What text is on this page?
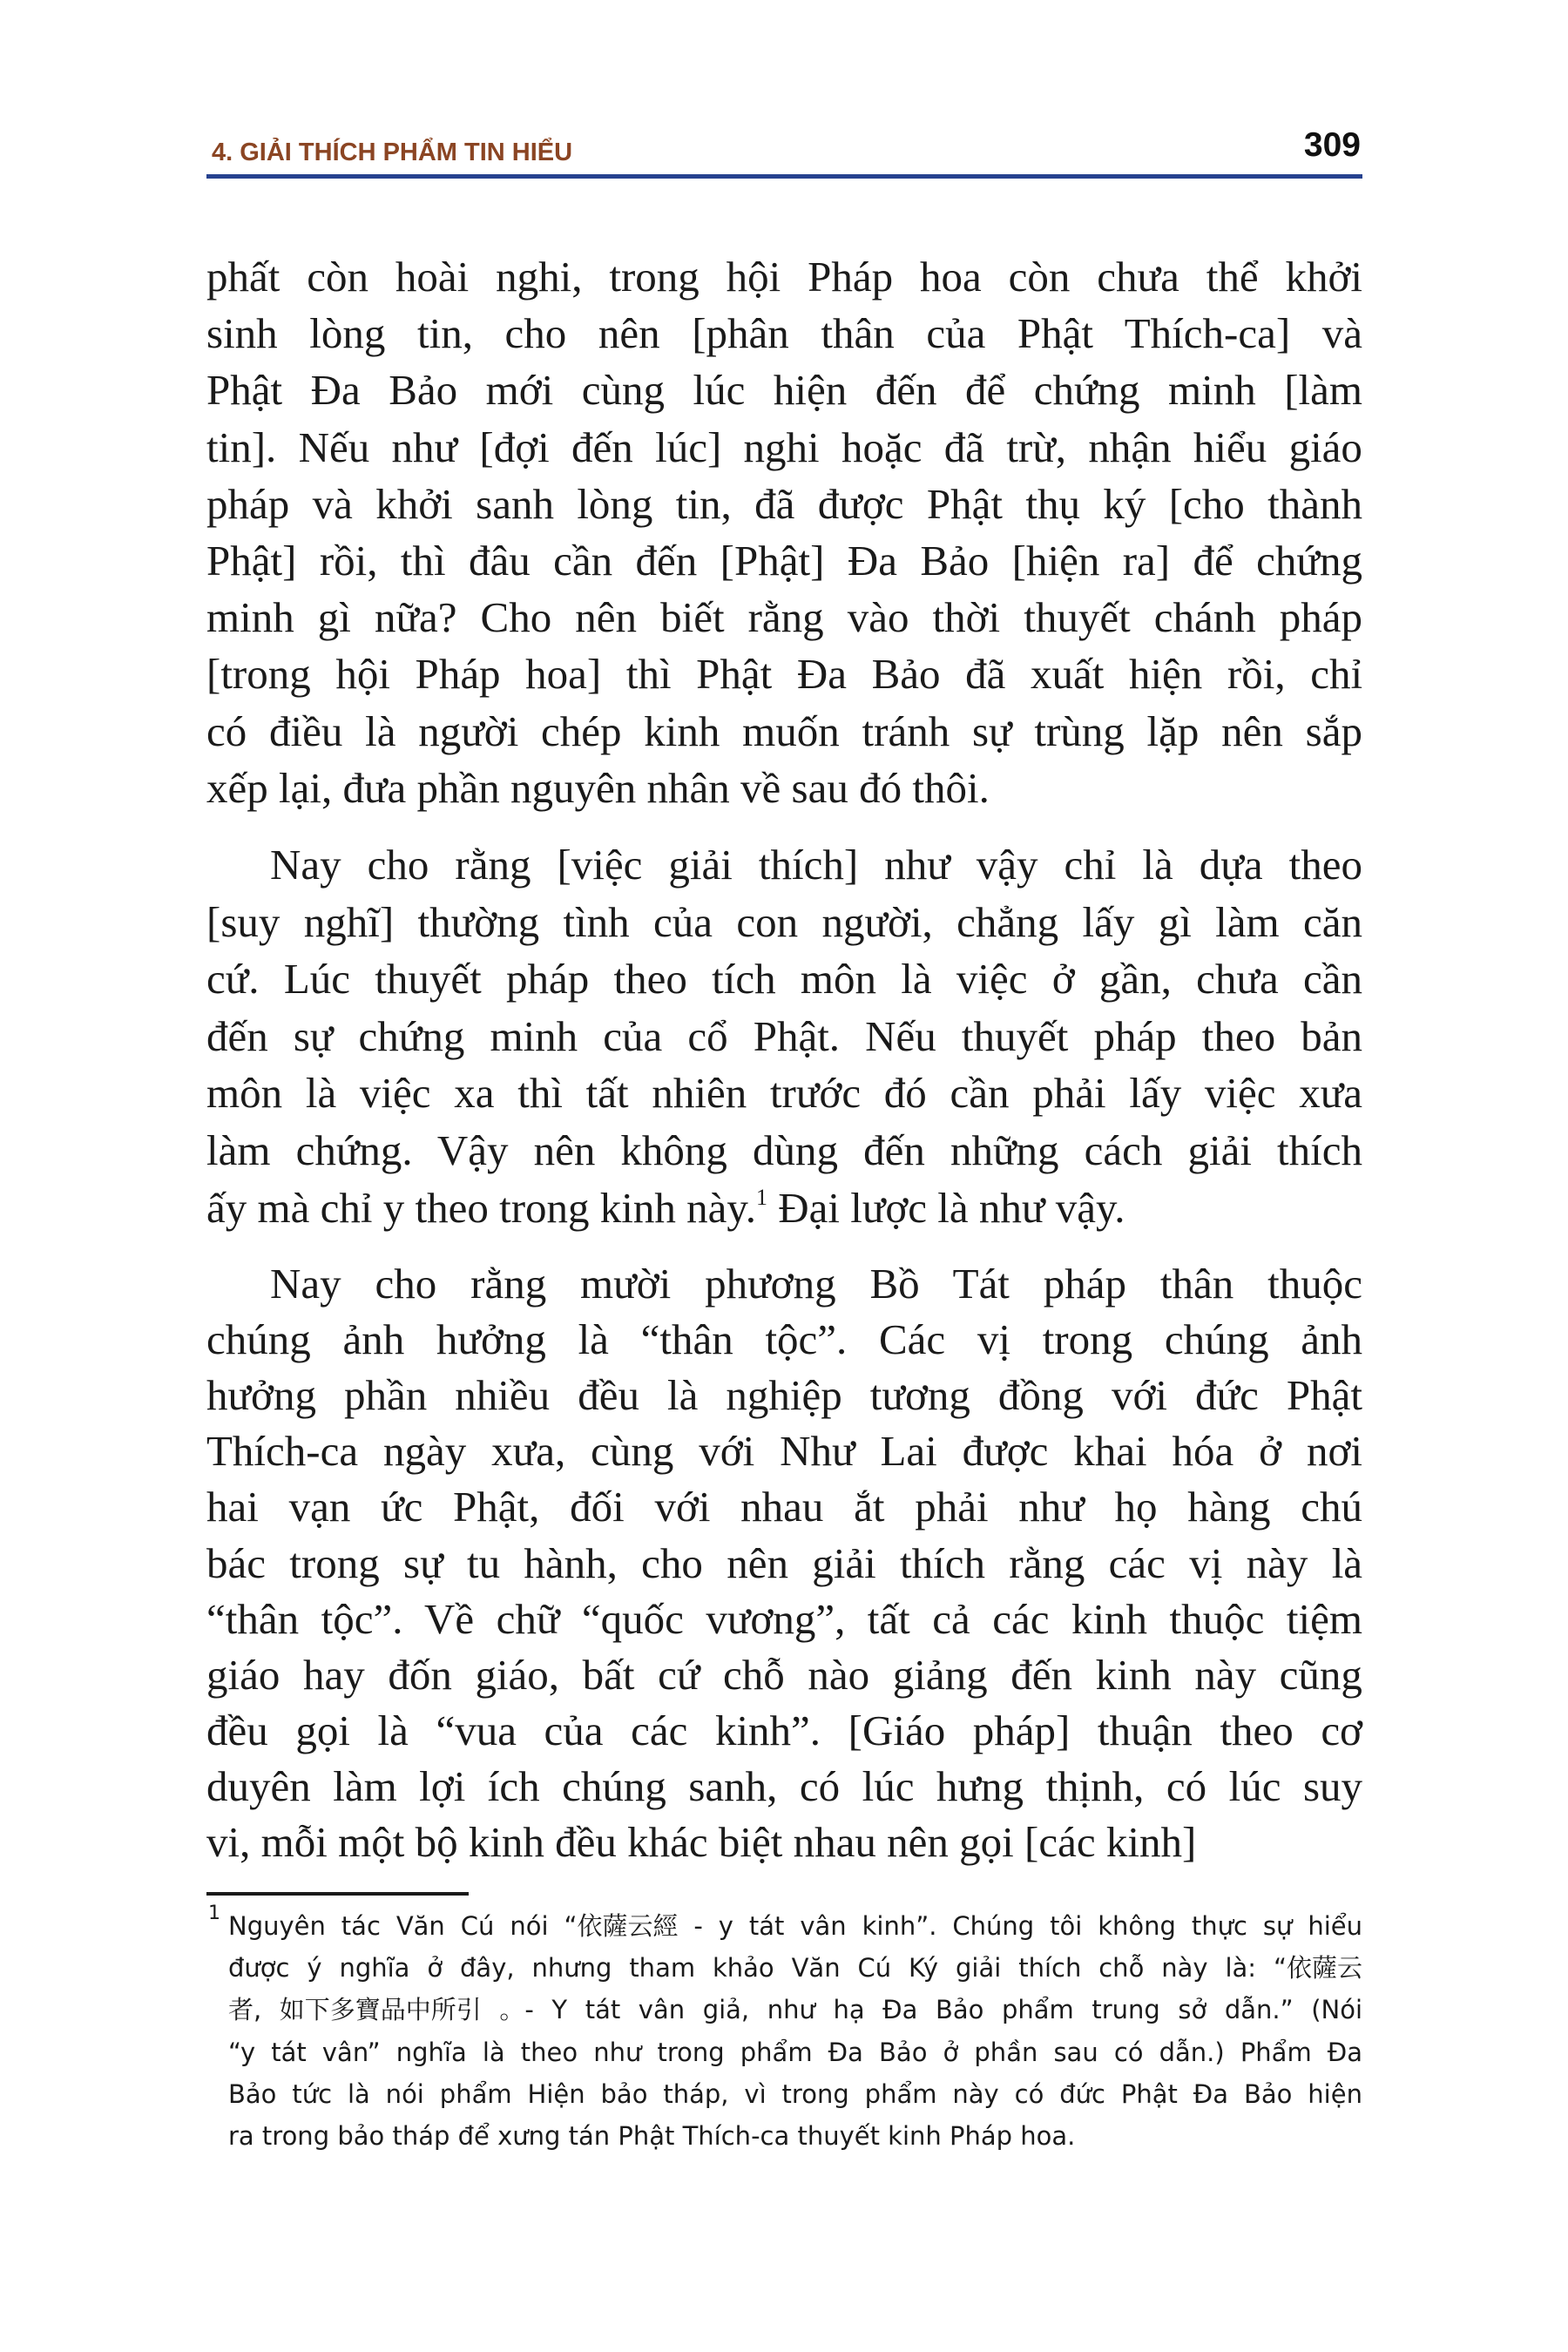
4. GIẢI THÍCH PHẨM TIN HIỂU	309
phất còn hoài nghi, trong hội Pháp hoa còn chưa thể khởi
sinh lòng tin, cho nên [phân thân của Phật Thích-ca] và
Phật Đa Bảo mới cùng lúc hiện đến để chứng minh [làm
tin]. Nếu như [đợi đến lúc] nghi hoặc đã trừ, nhận hiểu giáo
pháp và khởi sanh lòng tin, đã được Phật thụ ký [cho thành
Phật] rồi, thì đâu cần đến [Phật] Đa Bảo [hiện ra] để chứng
minh gì nữa? Cho nên biết rằng vào thời thuyết chánh pháp
[trong hội Pháp hoa] thì Phật Đa Bảo đã xuất hiện rồi, chỉ
có điều là người chép kinh muốn tránh sự trùng lặp nên sắp
xếp lại, đưa phần nguyên nhân về sau đó thôi.
Nay cho rằng [việc giải thích] như vậy chỉ là dựa theo
[suy nghĩ] thường tình của con người, chẳng lấy gì làm căn
cứ. Lúc thuyết pháp theo tích môn là việc ở gần, chưa cần
đến sự chứng minh của cổ Phật. Nếu thuyết pháp theo bản
môn là việc xa thì tất nhiên trước đó cần phải lấy việc xưa
làm chứng. Vậy nên không dùng đến những cách giải thích
ấy mà chỉ y theo trong kinh này.$^1$ Đại lược là như vậy.
Nay cho rằng mười phương Bồ Tát pháp thân thuộc
chúng ảnh hưởng là “thân tộc”. Các vị trong chúng ảnh
hưởng phần nhiều đều là nghiệp tương đồng với đức Phật
Thích-ca ngày xưa, cùng với Như Lai được khai hóa ở nơi
hai vạn ức Phật, đối với nhau ắt phải như họ hàng chú
bác trong sự tu hành, cho nên giải thích rằng các vị này là
“thân tộc”. Về chữ “quốc vương”, tất cả các kinh thuộc tiệm
giáo hay đốn giáo, bất cứ chỗ nào giảng đến kinh này cũng
đều gọi là “vua của các kinh”. [Giáo pháp] thuận theo cơ
duyên làm lợi ích chúng sanh, có lúc hưng thịnh, có lúc suy
vi, mỗi một bộ kinh đều khác biệt nhau nên gọi [các kinh]
1 Nguyên tác Văn Cú nói “依薩云經 - y tát vân kinh”. Chúng tôi không thực sự hiểu
được ý nghĩa ở đây, nhưng tham khảo Văn Cú Ký giải thích chỗ này là: “依薩云
者, 如下多寶品中所引 。- Y tát vân giả, như hạ Đa Bảo phẩm trung sở dẫn.” (Nói
“y tát vân” nghĩa là theo như trong phẩm Đa Bảo ở phần sau có dẫn.) Phẩm Đa
Bảo tức là nói phẩm Hiện bảo tháp, vì trong phẩm này có đức Phật Đa Bảo hiện
ra trong bảo tháp để xưng tán Phật Thích-ca thuyết kinh Pháp hoa.
